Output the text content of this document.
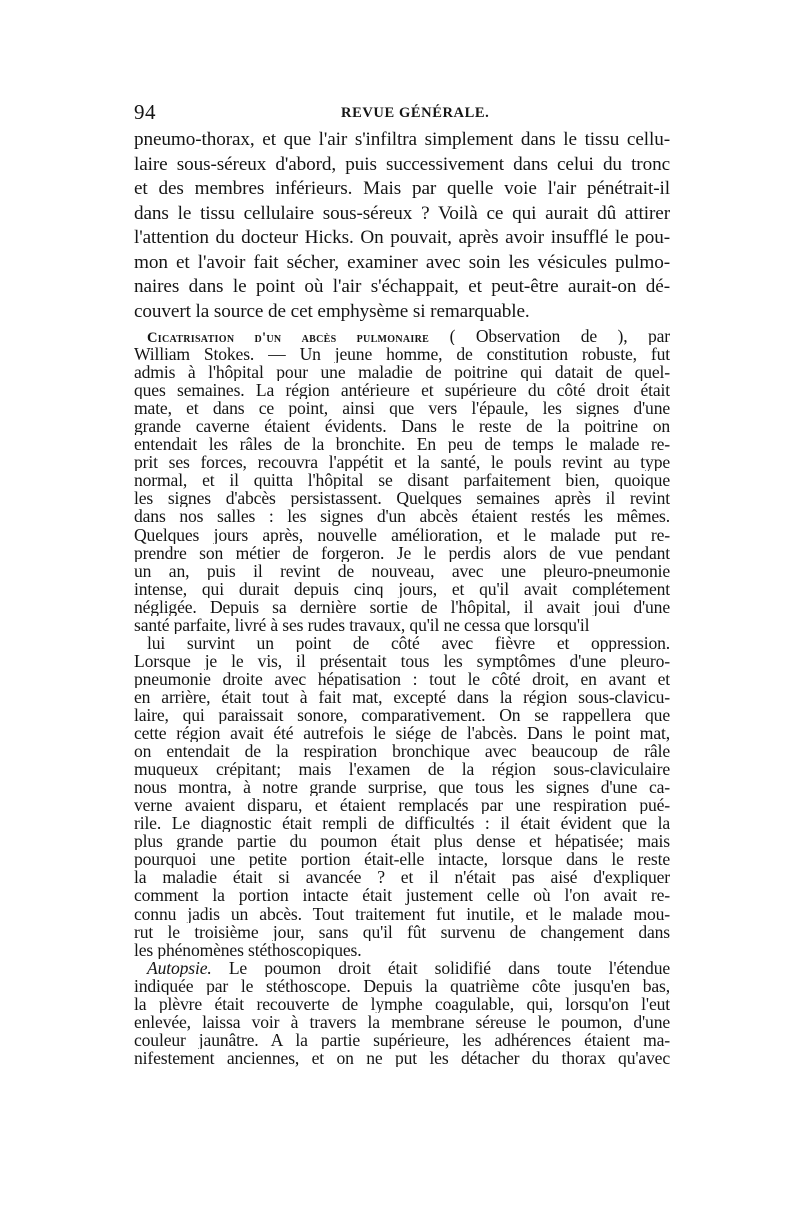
94	REVUE GÉNÉRALE.
pneumo-thorax, et que l'air s'infiltra simplement dans le tissu cellu-
laire sous-séreux d'abord, puis successivement dans celui du tronc
et des membres inférieurs. Mais par quelle voie l'air pénétrait-il
dans le tissu cellulaire sous-séreux ? Voilà ce qui aurait dû attirer
l'attention du docteur Hicks. On pouvait, après avoir insufflé le pou-
mon et l'avoir fait sécher, examiner avec soin les vésicules pulmo-
naires dans le point où l'air s'échappait, et peut-être aurait-on dé-
couvert la source de cet emphysème si remarquable.
Cicatrisation d'un abcès pulmonaire ( Observation de ), par
William Stokes. — Un jeune homme, de constitution robuste, fut
admis à l'hôpital pour une maladie de poitrine qui datait de quel-
ques semaines. La région antérieure et supérieure du côté droit était
mate, et dans ce point, ainsi que vers l'épaule, les signes d'une
grande caverne étaient évidents. Dans le reste de la poitrine on
entendait les râles de la bronchite. En peu de temps le malade re-
prit ses forces, recouvra l'appétit et la santé, le pouls revint au type
normal, et il quitta l'hôpital se disant parfaitement bien, quoique
les signes d'abcès persistassent. Quelques semaines après il revint
dans nos salles : les signes d'un abcès étaient restés les mêmes.
Quelques jours après, nouvelle amélioration, et le malade put re-
prendre son métier de forgeron. Je le perdis alors de vue pendant
un an, puis il revint de nouveau, avec une pleuro-pneumonie
intense, qui durait depuis cinq jours, et qu'il avait complétement
négligée. Depuis sa dernière sortie de l'hôpital, il avait joui d'une
santé parfaite, livré à ses rudes travaux, qu'il ne cessa que lorsqu'il
lui survint un point de côté avec fièvre et oppression.
Lorsque je le vis, il présentait tous les symptômes d'une pleuro-
pneumonie droite avec hépatisation : tout le côté droit, en avant et
en arrière, était tout à fait mat, excepté dans la région sous-clavicu-
laire, qui paraissait sonore, comparativement. On se rappellera que
cette région avait été autrefois le siége de l'abcès. Dans le point mat,
on entendait de la respiration bronchique avec beaucoup de râle
muqueux crépitant; mais l'examen de la région sous-claviculaire
nous montra, à notre grande surprise, que tous les signes d'une ca-
verne avaient disparu, et étaient remplacés par une respiration pué-
rile. Le diagnostic était rempli de difficultés : il était évident que la
plus grande partie du poumon était plus dense et hépatisée; mais
pourquoi une petite portion était-elle intacte, lorsque dans le reste
la maladie était si avancée ? et il n'était pas aisé d'expliquer
comment la portion intacte était justement celle où l'on avait re-
connu jadis un abcès. Tout traitement fut inutile, et le malade mou-
rut le troisième jour, sans qu'il fût survenu de changement dans
les phénomènes stéthoscopiques.
Autopsie. Le poumon droit était solidifié dans toute l'étendue
indiquée par le stéthoscope. Depuis la quatrième côte jusqu'en bas,
la plèvre était recouverte de lymphe coagulable, qui, lorsqu'on l'eut
enlevée, laissa voir à travers la membrane séreuse le poumon, d'une
couleur jaunâtre. A la partie supérieure, les adhérences étaient ma-
nifestement anciennes, et on ne put les détacher du thorax qu'avec
